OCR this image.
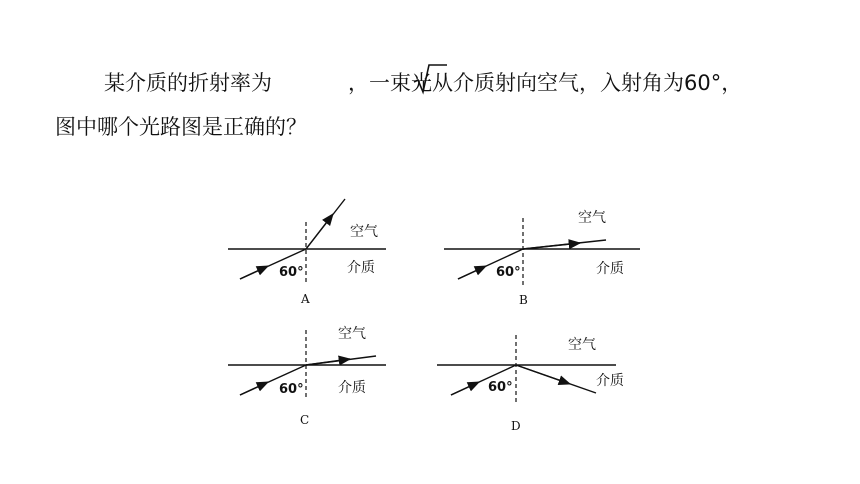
某介质的折射率为	，一束光从介质射向空气，入射角为60°，
图中哪个光路图是正确的？
空气
介质
60°
A
空气
介质
60°
B
空气
介质
60°
C
空气
介质
60°
D
